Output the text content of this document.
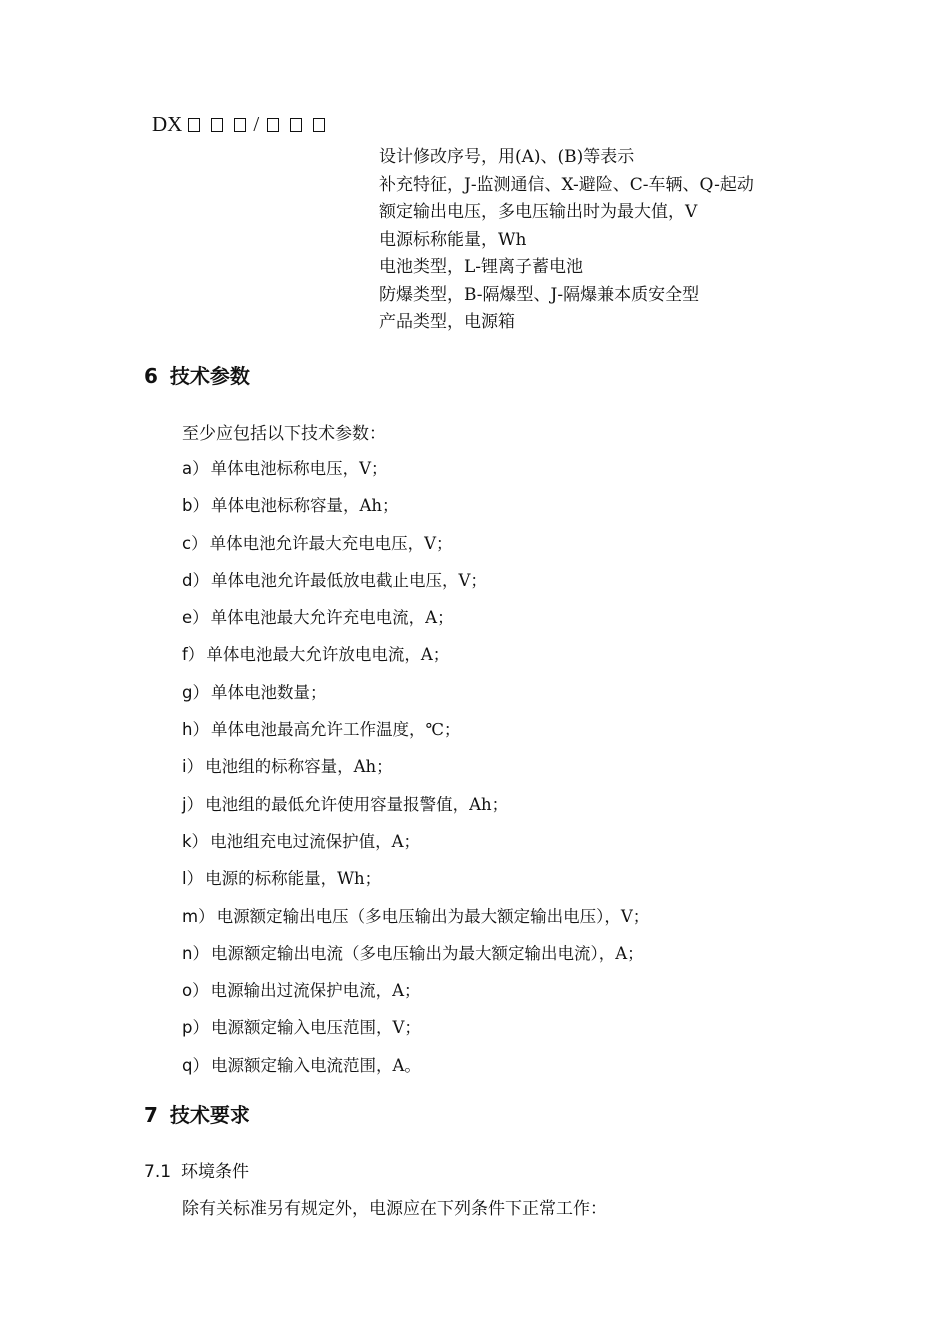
DX	/
设计修改序号，用(A)、(B)等表示
补充特征，J-监测通信、X-避险、C-车辆、Q-起动
额定输出电压，多电压输出时为最大值，V
电源标称能量，Wh
电池类型，L-锂离子蓄电池
防爆类型，B-隔爆型、J-隔爆兼本质安全型
产品类型，电源箱
6 技术参数
至少应包括以下技术参数：
a） 单体电池标称电压，V；
b） 单体电池标称容量，Ah；
c） 单体电池允许最大充电电压，V；
d） 单体电池允许最低放电截止电压，V；
e） 单体电池最大允许充电电流，A；
f） 单体电池最大允许放电电流，A；
g） 单体电池数量；
h） 单体电池最高允许工作温度，℃；
i） 电池组的标称容量，Ah；
j） 电池组的最低允许使用容量报警值，Ah；
k） 电池组充电过流保护值，A；
l） 电源的标称能量，Wh；
m） 电源额定输出电压（多电压输出为最大额定输出电压），V；
n） 电源额定输出电流（多电压输出为最大额定输出电流），A；
o） 电源输出过流保护电流，A；
p） 电源额定输入电压范围，V；
q） 电源额定输入电流范围，A。
7 技术要求
7.1 环境条件
除有关标准另有规定外，电源应在下列条件下正常工作：
